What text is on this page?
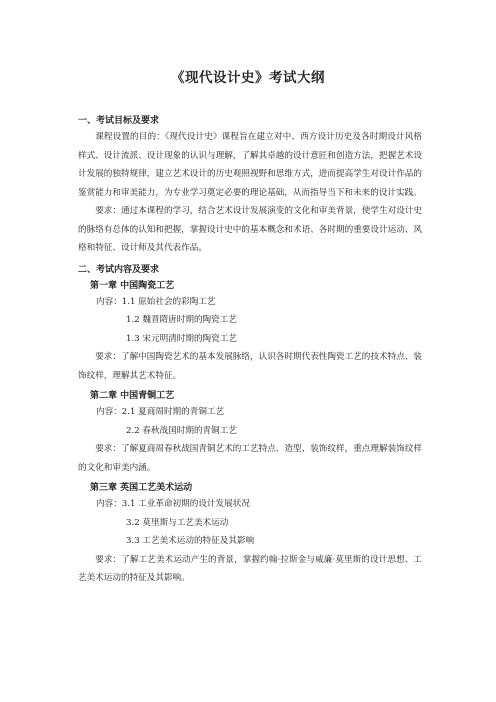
《现代设计史》考试大纲

一、考试目标及要求

课程设置的目的：《现代设计史》课程旨在建立对中、西方设计历史及各时期设计风格样式、设计流派、设计现象的认识与理解，了解其卓越的设计意匠和创造方法，把握艺术设计发展的独特规律，建立艺术设计的历史观照视野和思维方式，进而提高学生对设计作品的鉴赏能力和审美能力，为专业学习奠定必要的理论基础，从而指导当下和未来的设计实践。

要求：通过本课程的学习，结合艺术设计发展演变的文化和审美背景，使学生对设计史的脉络有总体的认知和把握，掌握设计史中的基本概念和术语、各时期的重要设计运动、风格和特征、设计师及其代表作品。

二、考试内容及要求

第一章 中国陶瓷工艺

内容：1.1 原始社会的彩陶工艺

1.2 魏晋隋唐时期的陶瓷工艺

1.3 宋元明清时期的陶瓷工艺

要求：了解中国陶瓷艺术的基本发展脉络，认识各时期代表性陶瓷工艺的技术特点、装饰纹样，理解其艺术特征。

第二章 中国青铜工艺

内容：2.1 夏商周时期的青铜工艺

2.2 春秋战国时期的青铜工艺

要求：了解夏商周春秋战国青铜艺术的工艺特点、造型、装饰纹样，重点理解装饰纹样的文化和审美内涵。

第三章 英国工艺美术运动

内容：3.1 工业革命初期的设计发展状况

3.2 莫里斯与工艺美术运动

3.3 工艺美术运动的特征及其影响

要求：了解工艺美术运动产生的背景，掌握约翰·拉斯金与威廉·莫里斯的设计思想、工艺美术运动的特征及其影响。
